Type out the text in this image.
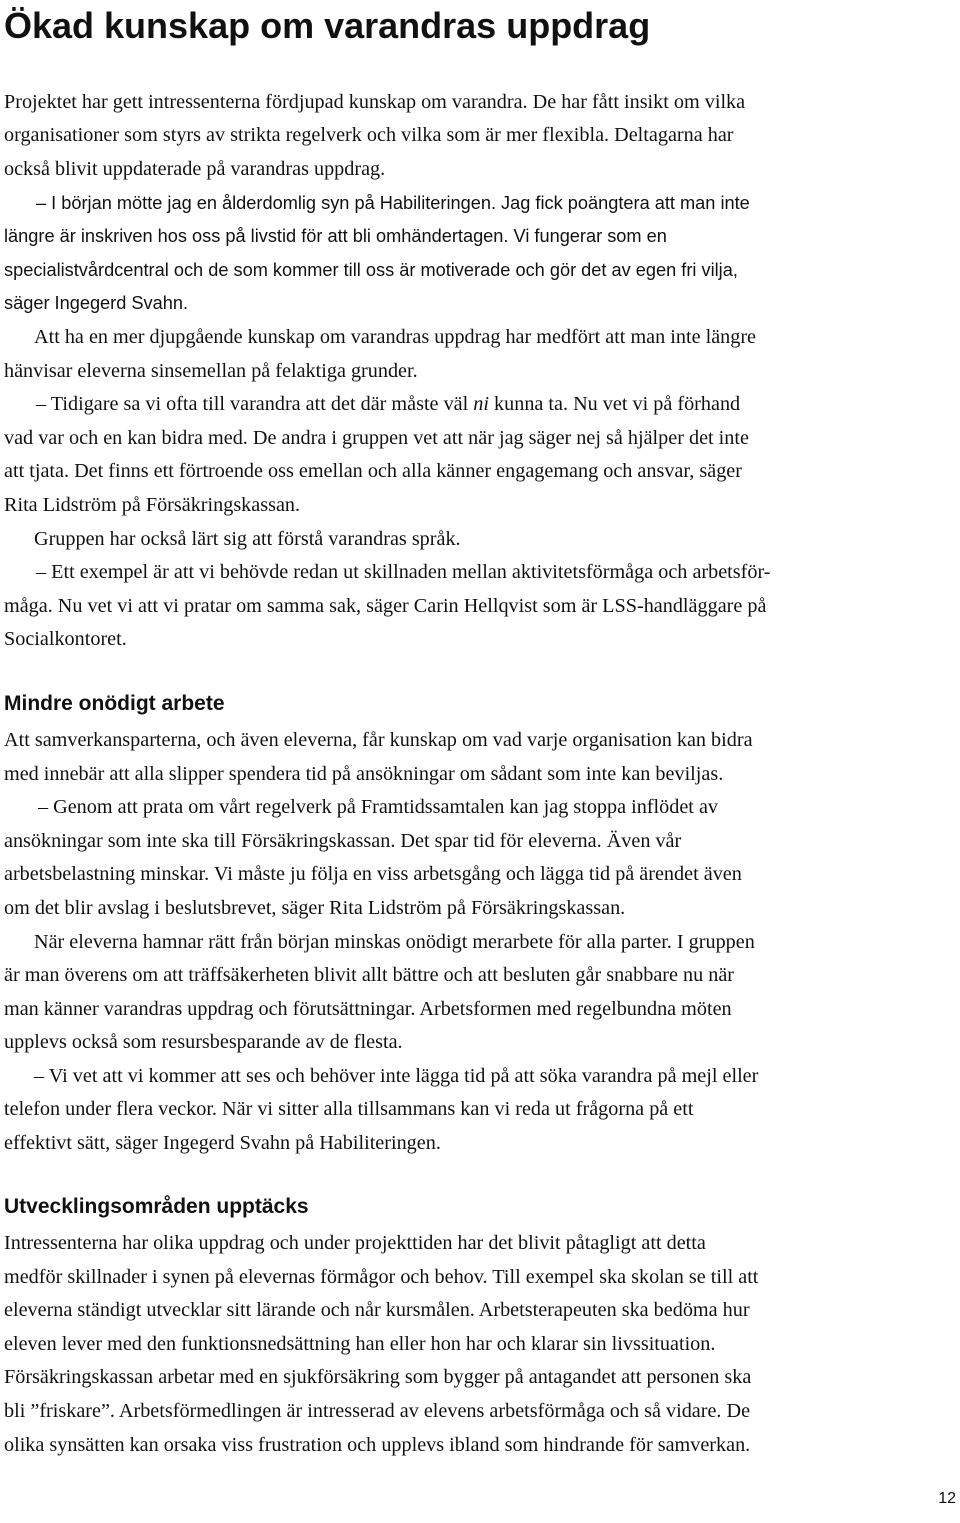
Ökad kunskap om varandras uppdrag
Projektet har gett intressenterna fördjupad kunskap om varandra. De har fått insikt om vilka
organisationer som styrs av strikta regelverk och vilka som är mer flexibla. Deltagarna har
också blivit uppdaterade på varandras uppdrag.
– I början mötte jag en ålderdomlig syn på Habiliteringen. Jag fick poängtera att man inte
längre är inskriven hos oss på livstid för att bli omhändertagen. Vi fungerar som en
specialistvårdcentral och de som kommer till oss är motiverade och gör det av egen fri vilja,
säger Ingegerd Svahn.
Att ha en mer djupgående kunskap om varandras uppdrag har medfört att man inte längre
hänvisar eleverna sinsemellan på felaktiga grunder.
– Tidigare sa vi ofta till varandra att det där måste väl ni kunna ta. Nu vet vi på förhand
vad var och en kan bidra med. De andra i gruppen vet att när jag säger nej så hjälper det inte
att tjata. Det finns ett förtroende oss emellan och alla känner engagemang och ansvar, säger
Rita Lidström på Försäkringskassan.
Gruppen har också lärt sig att förstå varandras språk.
– Ett exempel är att vi behövde redan ut skillnaden mellan aktivitetsförmåga och arbetsför-
måga. Nu vet vi att vi pratar om samma sak, säger Carin Hellqvist som är LSS-handläggare på
Socialkontoret.
Mindre onödigt arbete
Att samverkansparterna, och även eleverna, får kunskap om vad varje organisation kan bidra
med innebär att alla slipper spendera tid på ansökningar om sådant som inte kan beviljas.
– Genom att prata om vårt regelverk på Framtidssamtalen kan jag stoppa inflödet av
ansökningar som inte ska till Försäkringskassan. Det spar tid för eleverna. Även vår
arbetsbelastning minskar. Vi måste ju följa en viss arbetsgång och lägga tid på ärendet även
om det blir avslag i beslutsbrevet, säger Rita Lidström på Försäkringskassan.
När eleverna hamnar rätt från början minskas onödigt merarbete för alla parter. I gruppen
är man överens om att träffsäkerheten blivit allt bättre och att besluten går snabbare nu när
man känner varandras uppdrag och förutsättningar. Arbetsformen med regelbundna möten
upplevs också som resursbesparande av de flesta.
– Vi vet att vi kommer att ses och behöver inte lägga tid på att söka varandra på mejl eller
telefon under flera veckor. När vi sitter alla tillsammans kan vi reda ut frågorna på ett
effektivt sätt, säger Ingegerd Svahn på Habiliteringen.
Utvecklingsområden upptäcks
Intressenterna har olika uppdrag och under projekttiden har det blivit påtagligt att detta
medför skillnader i synen på elevernas förmågor och behov. Till exempel ska skolan se till att
eleverna ständigt utvecklar sitt lärande och når kursmålen. Arbetsterapeuten ska bedöma hur
eleven lever med den funktionsnedsättning han eller hon har och klarar sin livssituation.
Försäkringskassan arbetar med en sjukförsäkring som bygger på antagandet att personen ska
bli ”friskare”. Arbetsförmedlingen är intresserad av elevens arbetsförmåga och så vidare. De
olika synsätten kan orsaka viss frustration och upplevs ibland som hindrande för samverkan.
12
